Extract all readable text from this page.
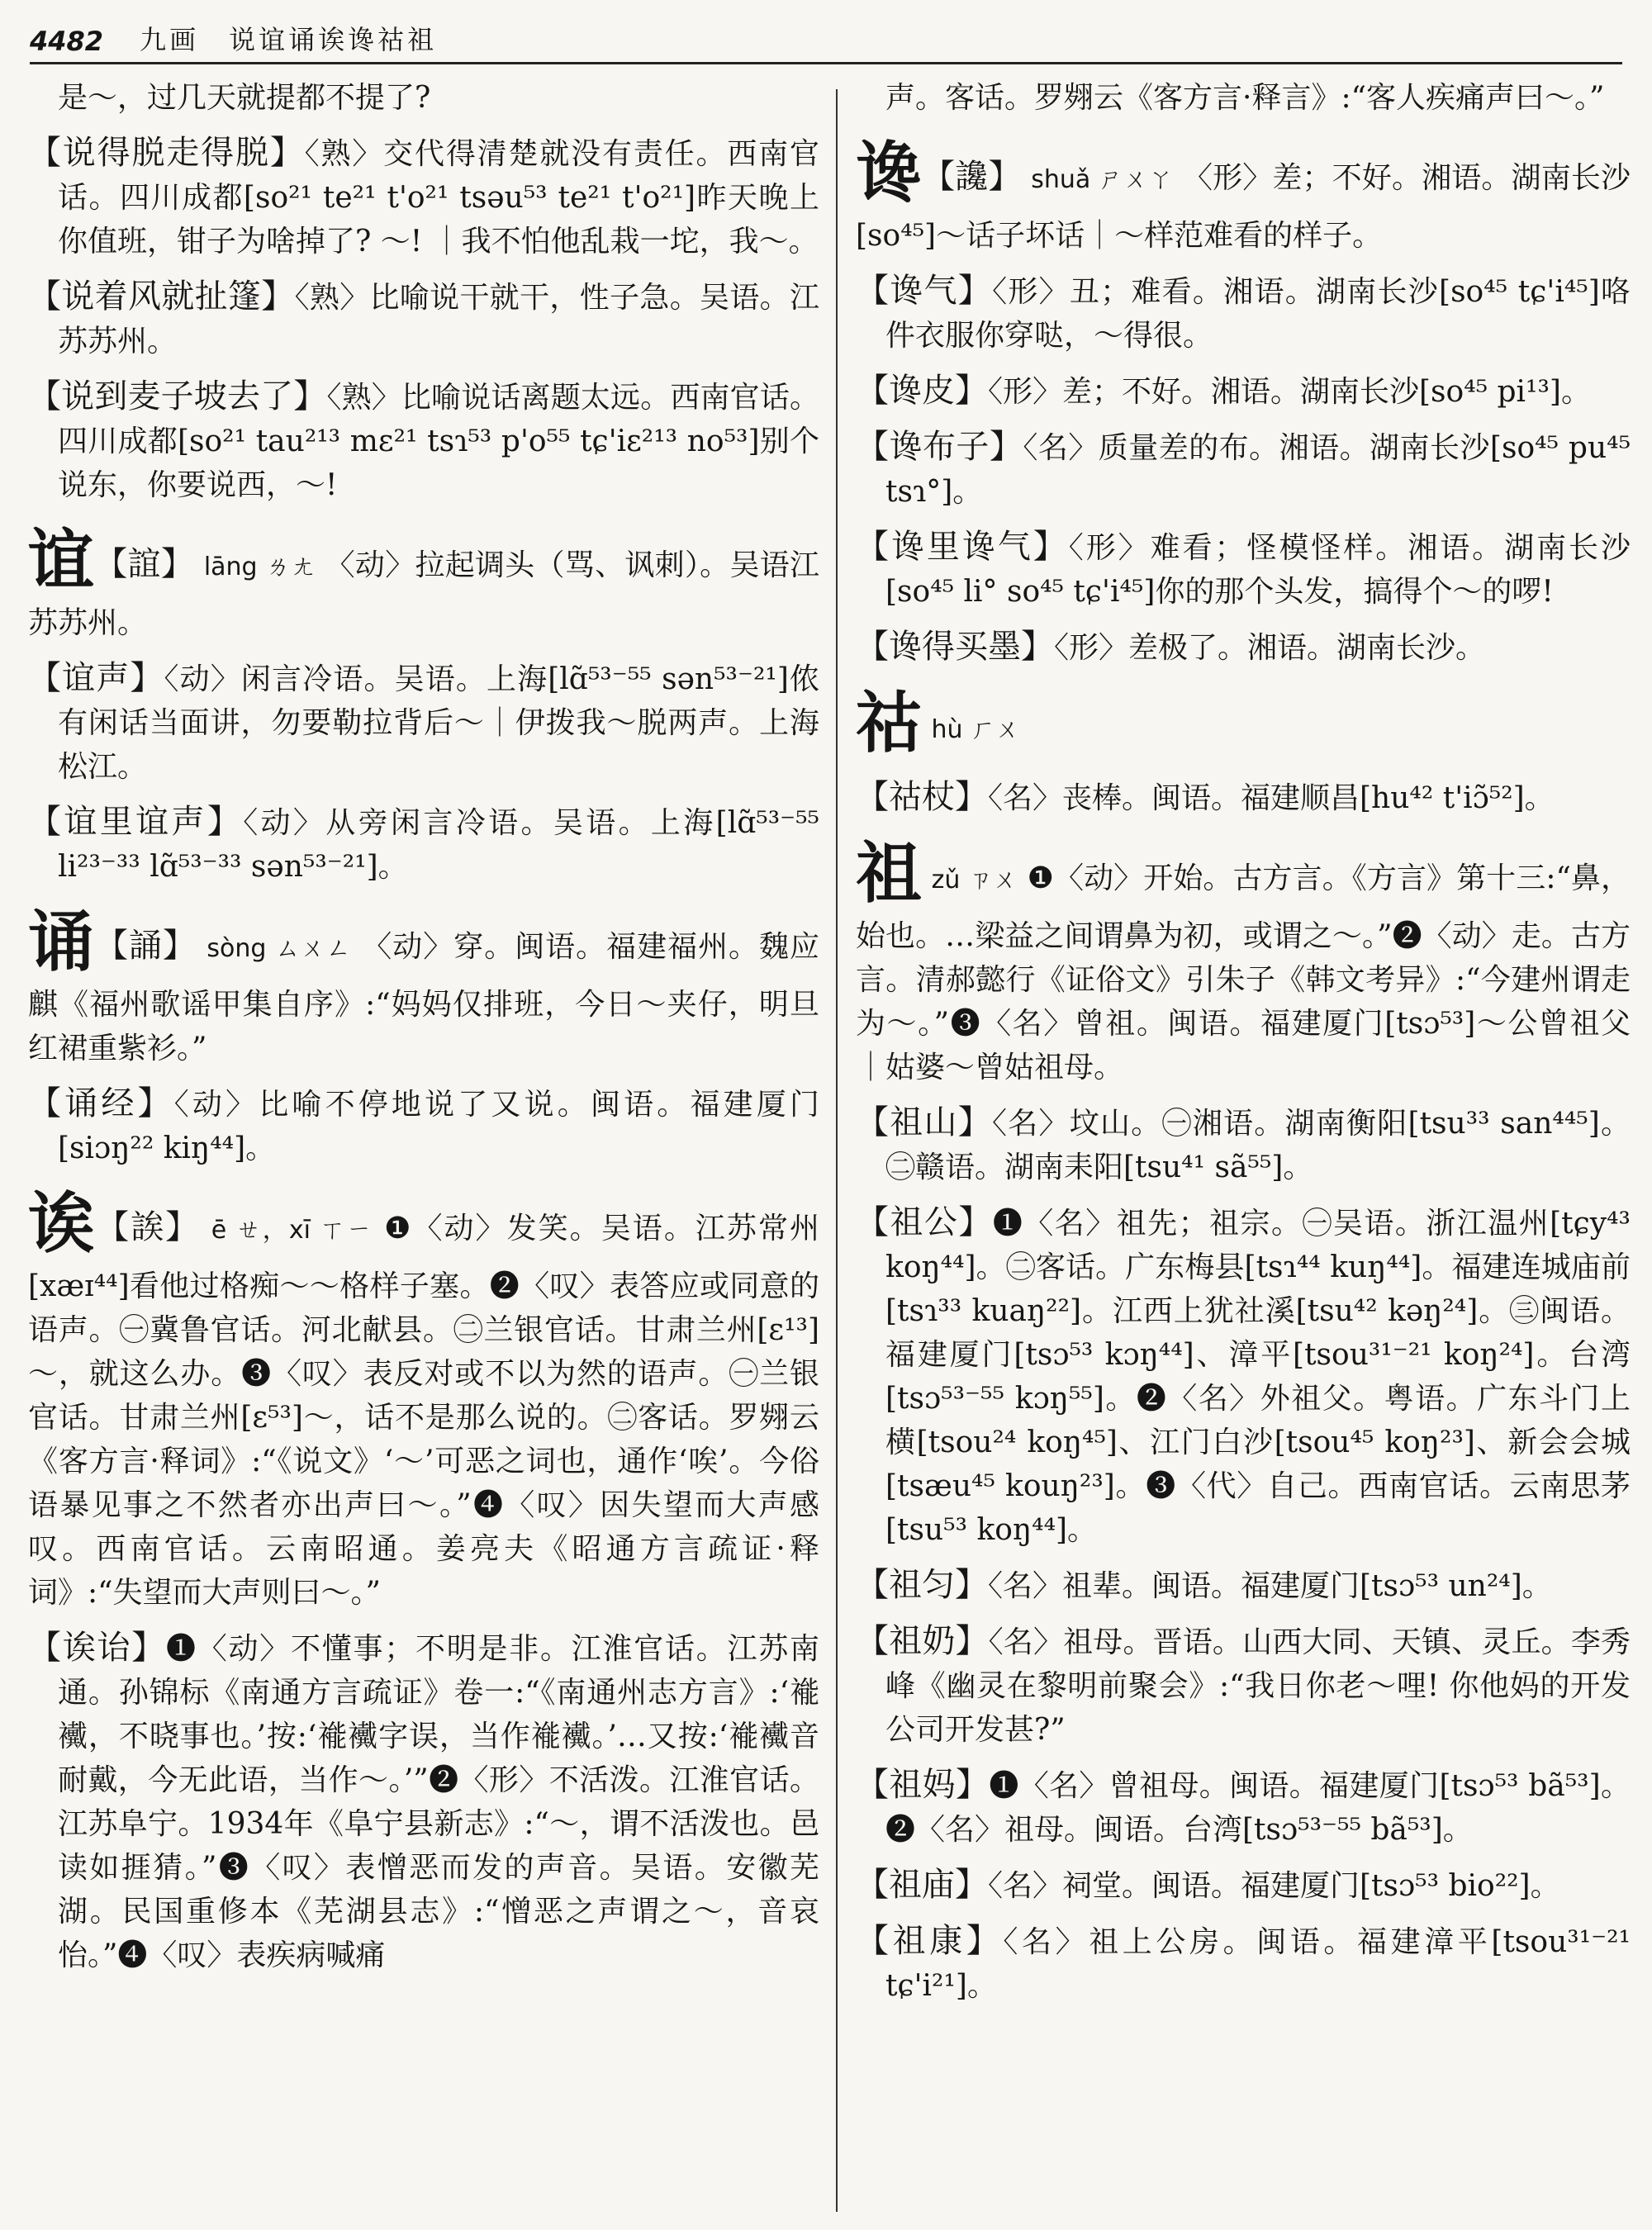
4482 九画　说谊诵诶谗祜祖

是～，过几天就提都不提了?

【说得脱走得脱】〈熟〉交代得清楚就没有责任。西南官话。四川成都[so²¹ te²¹ t'o²¹ tsəu⁵³ te²¹ t'o²¹]昨天晚上你值班，钳子为啥掉了? ～! ｜我不怕他乱栽一坨，我～。

【说着风就扯篷】〈熟〉比喻说干就干，性子急。吴语。江苏苏州。

【说到麦子坡去了】〈熟〉比喻说话离题太远。西南官话。四川成都[so²¹ tau²¹³ mɛ²¹ tsɿ⁵³ p'o⁵⁵ tɕ'iɛ²¹³ no⁵³]别个说东，你要说西，～!

谊【誼】 lāng ㄌㄤ 〈动〉拉起调头（骂、讽刺）。吴语江苏苏州。

【谊声】〈动〉闲言冷语。吴语。上海[lɑ̃⁵³⁻⁵⁵ sən⁵³⁻²¹]侬有闲话当面讲，勿要勒拉背后～｜伊拨我～脱两声。上海松江。

【谊里谊声】〈动〉从旁闲言冷语。吴语。上海[lɑ̃⁵³⁻⁵⁵ li²³⁻³³ lɑ̃⁵³⁻³³ sən⁵³⁻²¹]。

诵【誦】 sòng ㄙㄨㄥ 〈动〉穿。闽语。福建福州。魏应麒《福州歌谣甲集自序》:“妈妈仅排班，今日～夹仔，明旦红裙重紫衫。”

【诵经】〈动〉比喻不停地说了又说。闽语。福建厦门[siɔŋ²² kiŋ⁴⁴]。

诶【誒】 ē ㄝ，xī ㄒㄧ ❶〈动〉发笑。吴语。江苏常州[xæɪ⁴⁴]看他过格痴～～格样子塞。❷〈叹〉表答应或同意的语声。㊀冀鲁官话。河北献县。㊁兰银官话。甘肃兰州[ɛ¹³]～，就这么办。❸〈叹〉表反对或不以为然的语声。㊀兰银官话。甘肃兰州[ɛ⁵³]～，话不是那么说的。㊁客话。罗翙云《客方言·释词》:“《说文》‘～’可恶之词也，通作‘唉’。今俗语暴见事之不然者亦出声曰～。”❹〈叹〉因失望而大声感叹。西南官话。云南昭通。姜亮夫《昭通方言疏证·释词》:“失望而大声则曰～。”

【诶诒】❶〈动〉不懂事；不明是非。江淮官话。江苏南通。孙锦标《南通方言疏证》卷一:“《南通州志方言》:‘褦襶，不晓事也。’按:‘褦襶字误，当作褦襶。’…又按:‘褦襶音耐戴，今无此语，当作～。’”❷〈形〉不活泼。江淮官话。江苏阜宁。1934年《阜宁县新志》:“～，谓不活泼也。邑读如捱猜。”❸〈叹〉表憎恶而发的声音。吴语。安徽芜湖。民国重修本《芜湖县志》:“憎恶之声谓之～，音哀怡。”❹〈叹〉表疾病喊痛

声。客话。罗翙云《客方言·释言》:“客人疾痛声曰～。”

谗【讒】 shuǎ ㄕㄨㄚ 〈形〉差；不好。湘语。湖南长沙[so⁴⁵]～话子坏话｜～样范难看的样子。

【谗气】〈形〉丑；难看。湘语。湖南长沙[so⁴⁵ tɕ'i⁴⁵]咯件衣服你穿哒，～得很。

【谗皮】〈形〉差；不好。湘语。湖南长沙[so⁴⁵ pi¹³]。

【谗布子】〈名〉质量差的布。湘语。湖南长沙[so⁴⁵ pu⁴⁵ tsɿ°]。

【谗里谗气】〈形〉难看；怪模怪样。湘语。湖南长沙[so⁴⁵ li° so⁴⁵ tɕ'i⁴⁵]你的那个头发，搞得个～的啰!

【谗得买墨】〈形〉差极了。湘语。湖南长沙。

祜 hù ㄏㄨ

【祜杖】〈名〉丧棒。闽语。福建顺昌[hu⁴² t'iɔ̃⁵²]。

祖 zǔ ㄗㄨ ❶〈动〉开始。古方言。《方言》第十三:“鼻，始也。…梁益之间谓鼻为初，或谓之～。”❷〈动〉走。古方言。清郝懿行《证俗文》引朱子《韩文考异》:“今建州谓走为～。”❸〈名〉曾祖。闽语。福建厦门[tsɔ⁵³]～公曾祖父｜姑婆～曾姑祖母。

【祖山】〈名〉坟山。㊀湘语。湖南衡阳[tsu³³ san⁴⁴⁵]。㊁赣语。湖南耒阳[tsu⁴¹ sã⁵⁵]。

【祖公】❶〈名〉祖先；祖宗。㊀吴语。浙江温州[tɕy⁴³ koŋ⁴⁴]。㊁客话。广东梅县[tsɿ⁴⁴ kuŋ⁴⁴]。福建连城庙前[tsɿ³³ kuaŋ²²]。江西上犹社溪[tsu⁴² kəŋ²⁴]。㊂闽语。福建厦门[tsɔ⁵³ kɔŋ⁴⁴]、漳平[tsou³¹⁻²¹ koŋ²⁴]。台湾[tsɔ⁵³⁻⁵⁵ kɔŋ⁵⁵]。❷〈名〉外祖父。粤语。广东斗门上横[tsou²⁴ koŋ⁴⁵]、江门白沙[tsou⁴⁵ koŋ²³]、新会会城[tsæu⁴⁵ kouŋ²³]。❸〈代〉自己。西南官话。云南思茅[tsu⁵³ koŋ⁴⁴]。

【祖匀】〈名〉祖辈。闽语。福建厦门[tsɔ⁵³ un²⁴]。

【祖奶】〈名〉祖母。晋语。山西大同、天镇、灵丘。李秀峰《幽灵在黎明前聚会》:“我日你老～哩! 你他妈的开发公司开发甚?”

【祖妈】❶〈名〉曾祖母。闽语。福建厦门[tsɔ⁵³ bã⁵³]。❷〈名〉祖母。闽语。台湾[tsɔ⁵³⁻⁵⁵ bã⁵³]。

【祖庙】〈名〉祠堂。闽语。福建厦门[tsɔ⁵³ bio²²]。

【祖康】〈名〉祖上公房。闽语。福建漳平[tsou³¹⁻²¹ tɕ'i²¹]。
